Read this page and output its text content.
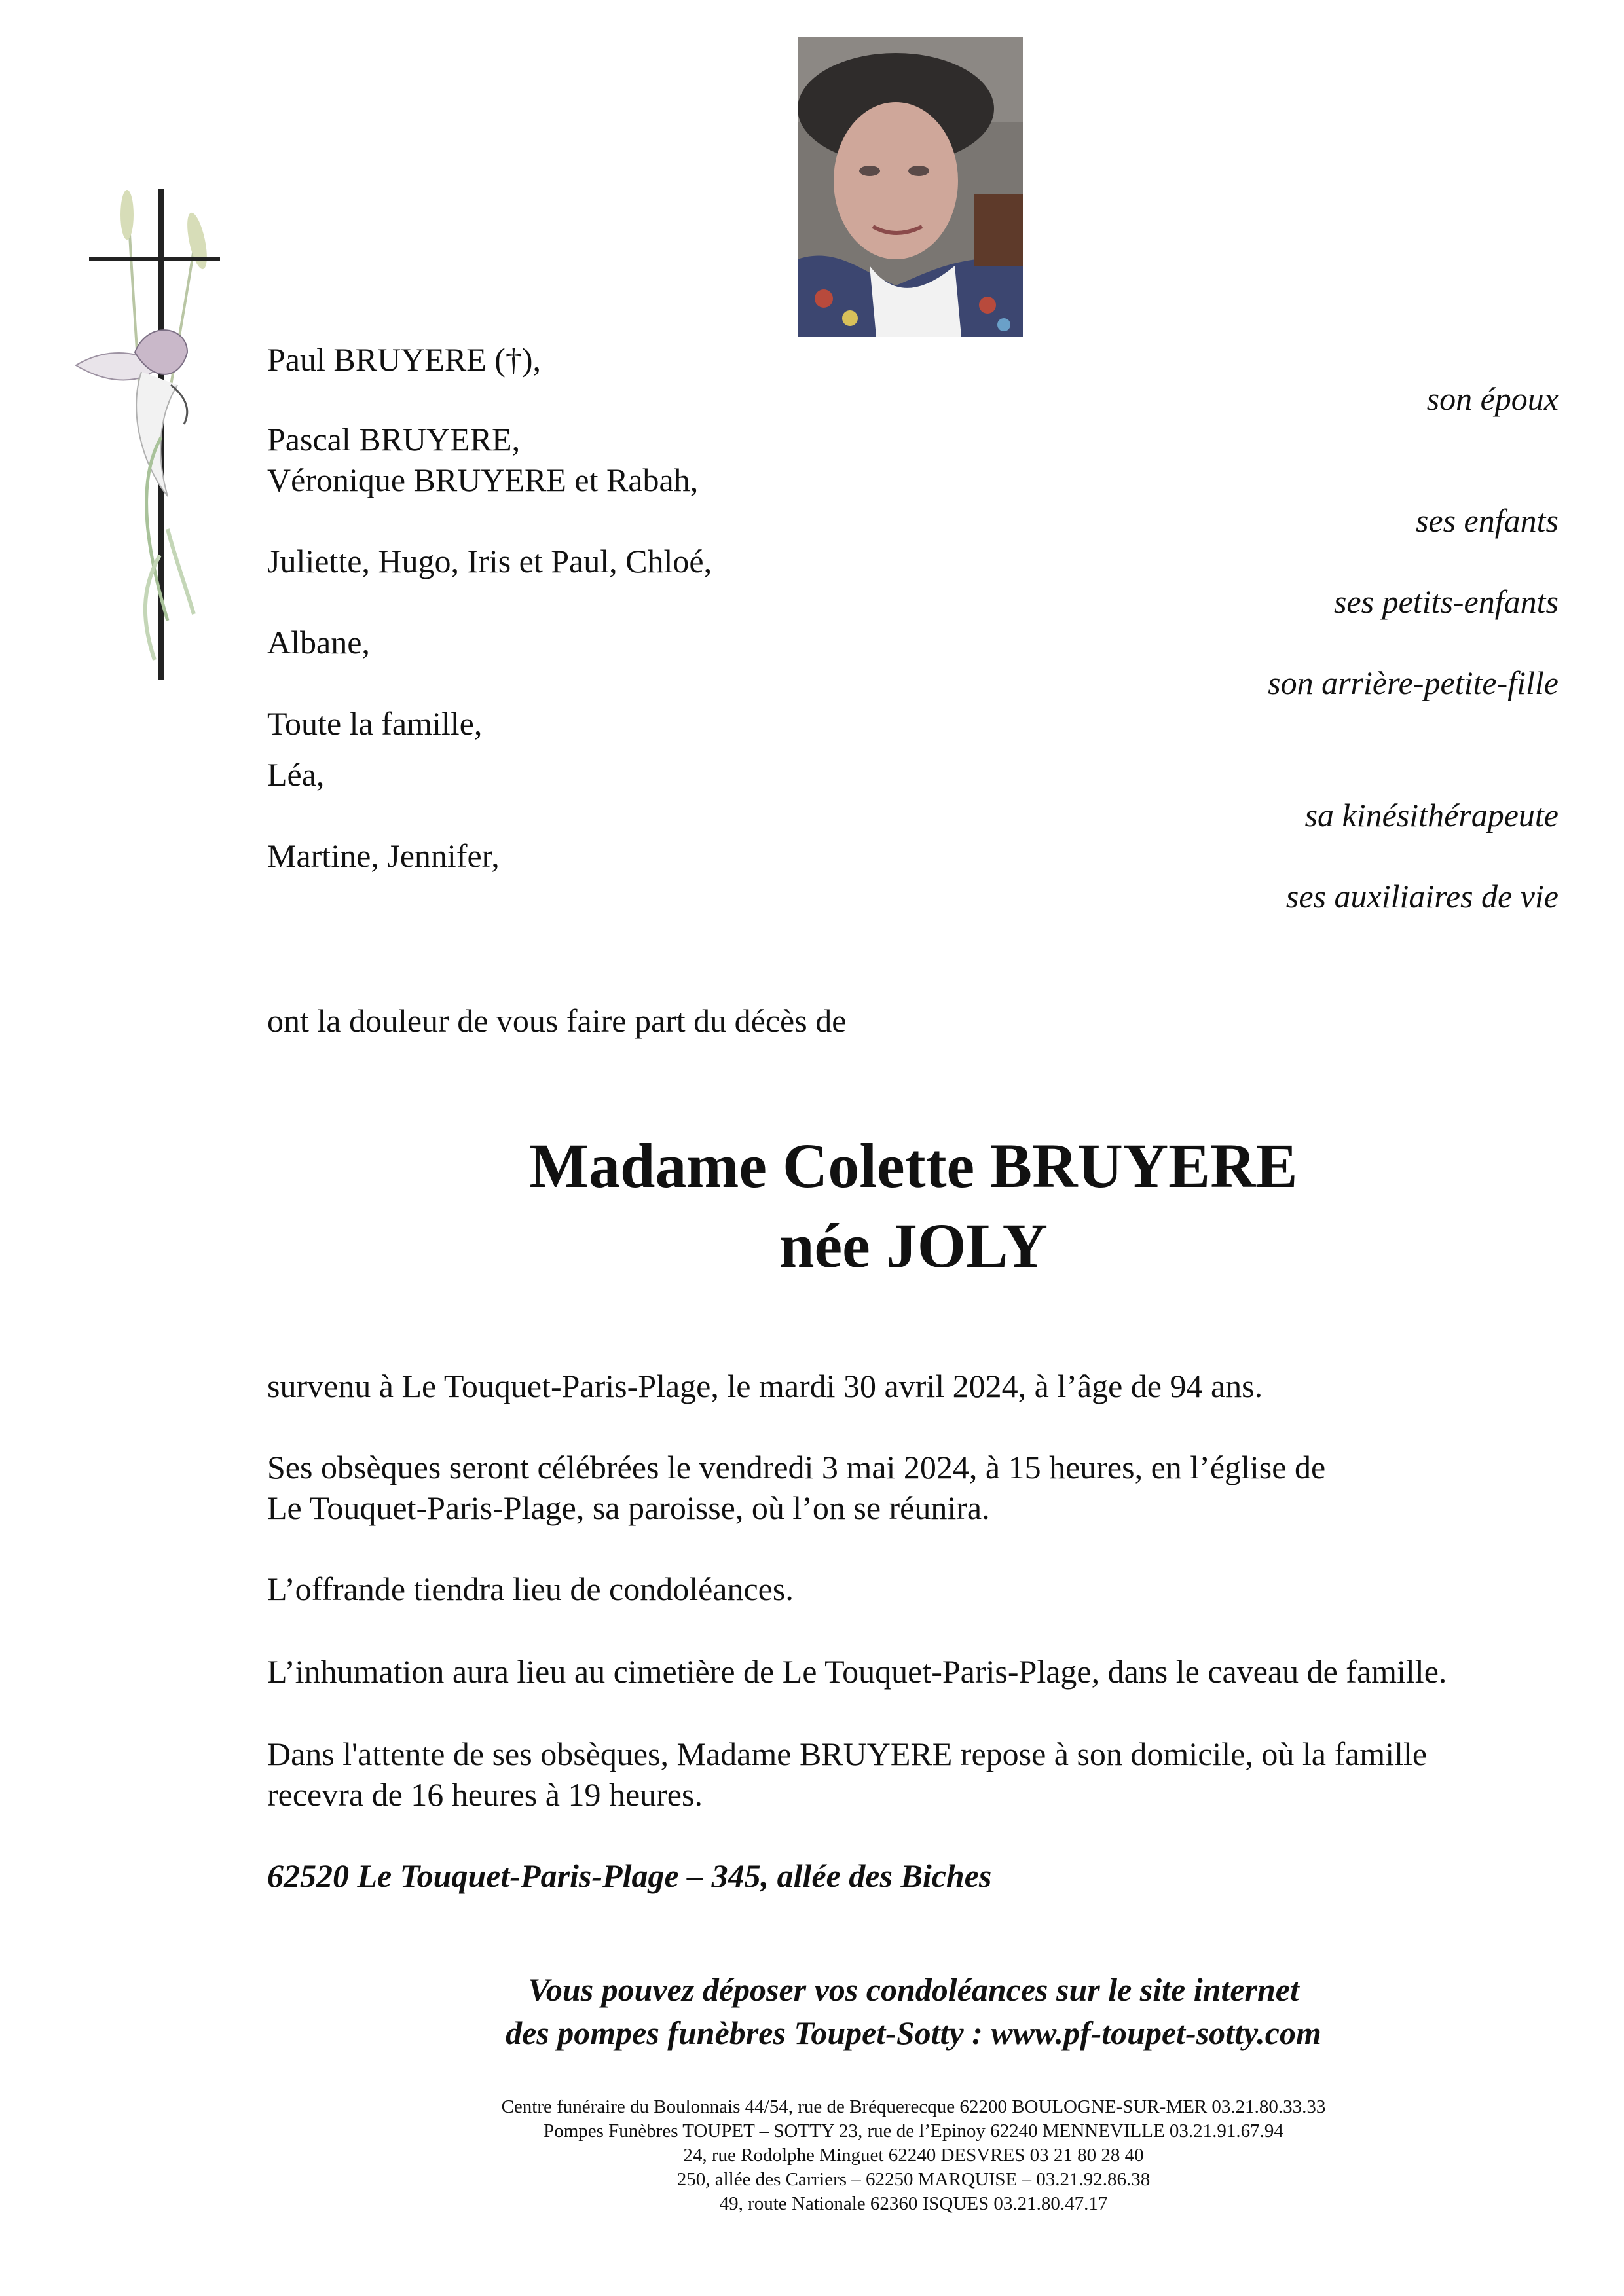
Paul BRUYERE (†),
son époux
Pascal BRUYERE,
Véronique BRUYERE et Rabah,
ses enfants
Juliette, Hugo, Iris et Paul, Chloé,
ses petits-enfants
Albane,
son arrière-petite-fille
Toute la famille,
Léa,
sa kinésithérapeute
Martine, Jennifer,
ses auxiliaires de vie
ont la douleur de vous faire part du décès de
Madame Colette BRUYERE
née JOLY
survenu à Le Touquet-Paris-Plage, le mardi 30 avril 2024, à l’âge de 94 ans.
Ses obsèques seront célébrées le vendredi 3 mai 2024, à 15 heures, en l’église de
Le Touquet-Paris-Plage, sa paroisse, où l’on se réunira.
L’offrande tiendra lieu de condoléances.
L’inhumation aura lieu au cimetière de Le Touquet-Paris-Plage, dans le caveau de famille.
Dans l'attente de ses obsèques, Madame BRUYERE repose à son domicile, où la famille
recevra de 16 heures à 19 heures.
62520 Le Touquet-Paris-Plage – 345, allée des Biches
Vous pouvez déposer vos condoléances sur le site internet
des pompes funèbres Toupet-Sotty : www.pf-toupet-sotty.com
Centre funéraire du Boulonnais 44/54, rue de Bréquerecque 62200 BOULOGNE-SUR-MER 03.21.80.33.33
Pompes Funèbres TOUPET – SOTTY 23, rue de l’Epinoy 62240 MENNEVILLE 03.21.91.67.94
24, rue Rodolphe Minguet 62240 DESVRES 03 21 80 28 40
250, allée des Carriers – 62250 MARQUISE – 03.21.92.86.38
49, route Nationale 62360 ISQUES 03.21.80.47.17
